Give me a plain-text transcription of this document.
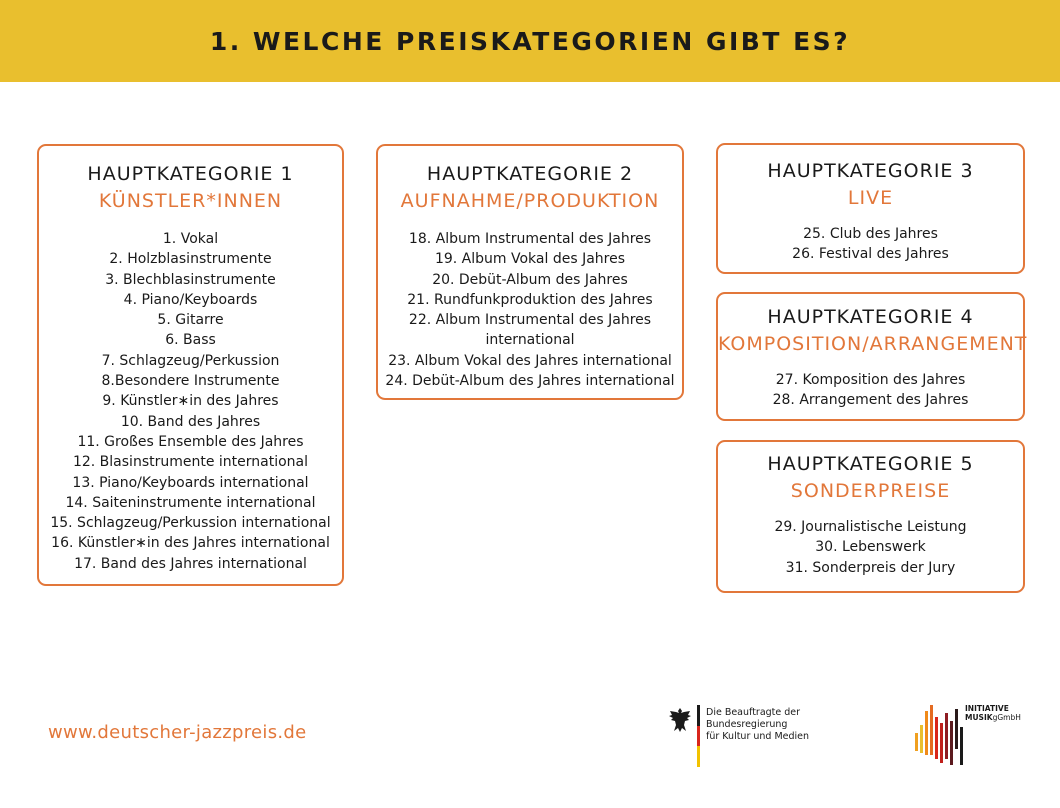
1. WELCHE PREISKATEGORIEN GIBT ES?
HAUPTKATEGORIE 1
KÜNSTLER*INNEN
1. Vokal
2. Holzblasinstrumente
3. Blechblasinstrumente
4. Piano/Keyboards
5. Gitarre
6. Bass
7. Schlagzeug/Perkussion
8.Besondere Instrumente
9. Künstler∗in des Jahres
10. Band des Jahres
11. Großes Ensemble des Jahres
12. Blasinstrumente international
13. Piano/Keyboards international
14. Saiteninstrumente international
15. Schlagzeug/Perkussion international
16. Künstler∗in des Jahres international
17. Band des Jahres international
HAUPTKATEGORIE 2
AUFNAHME/PRODUKTION
18. Album Instrumental des Jahres
19. Album Vokal des Jahres
20. Debüt-Album des Jahres
21. Rundfunkproduktion des Jahres
22. Album Instrumental des Jahres
international
23. Album Vokal des Jahres international
24. Debüt-Album des Jahres international
HAUPTKATEGORIE 3
LIVE
25. Club des Jahres
26. Festival des Jahres
HAUPTKATEGORIE 4
KOMPOSITION/ARRANGEMENT
27. Komposition des Jahres
28. Arrangement des Jahres
HAUPTKATEGORIE 5
SONDERPREISE
29. Journalistische Leistung
30. Lebenswerk
31. Sonderpreis der Jury
www.deutscher-jazzpreis.de
Die Beauftragte der Bundesregierung
für Kultur und Medien
INITIATIVE
MUSIKgGmbH
